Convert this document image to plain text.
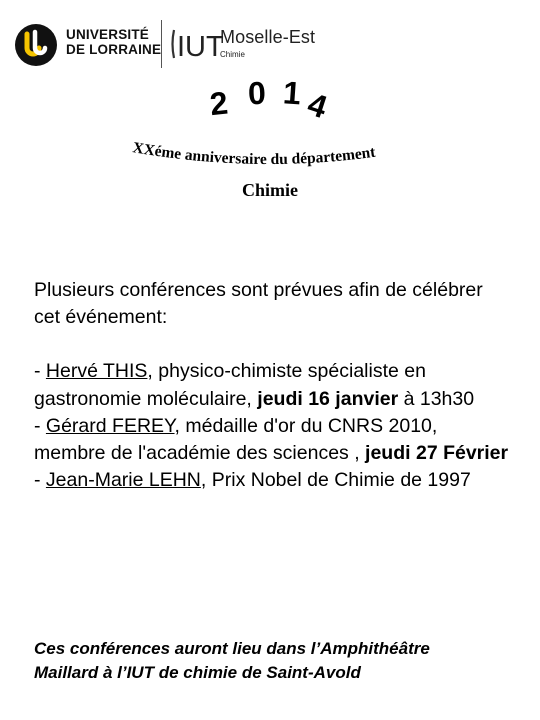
UNIVERSITÉ
DE LORRAINE IUT
Moselle-Est
Chimie
2 0 1 4
XXéme anniversaire du département
Chimie

Plusieurs conférences sont prévues afin de célébrer cet événement:

- Hervé THIS, physico-chimiste spécialiste en gastronomie moléculaire, jeudi 16 janvier à 13h30

- Gérard FEREY, médaille d'or du CNRS 2010, membre de l'académie des sciences , jeudi 27 Février

- Jean-Marie LEHN, Prix Nobel de Chimie de 1997

Ces conférences auront lieu dans l’Amphithéâtre
Maillard à l’IUT de chimie de Saint-Avold
